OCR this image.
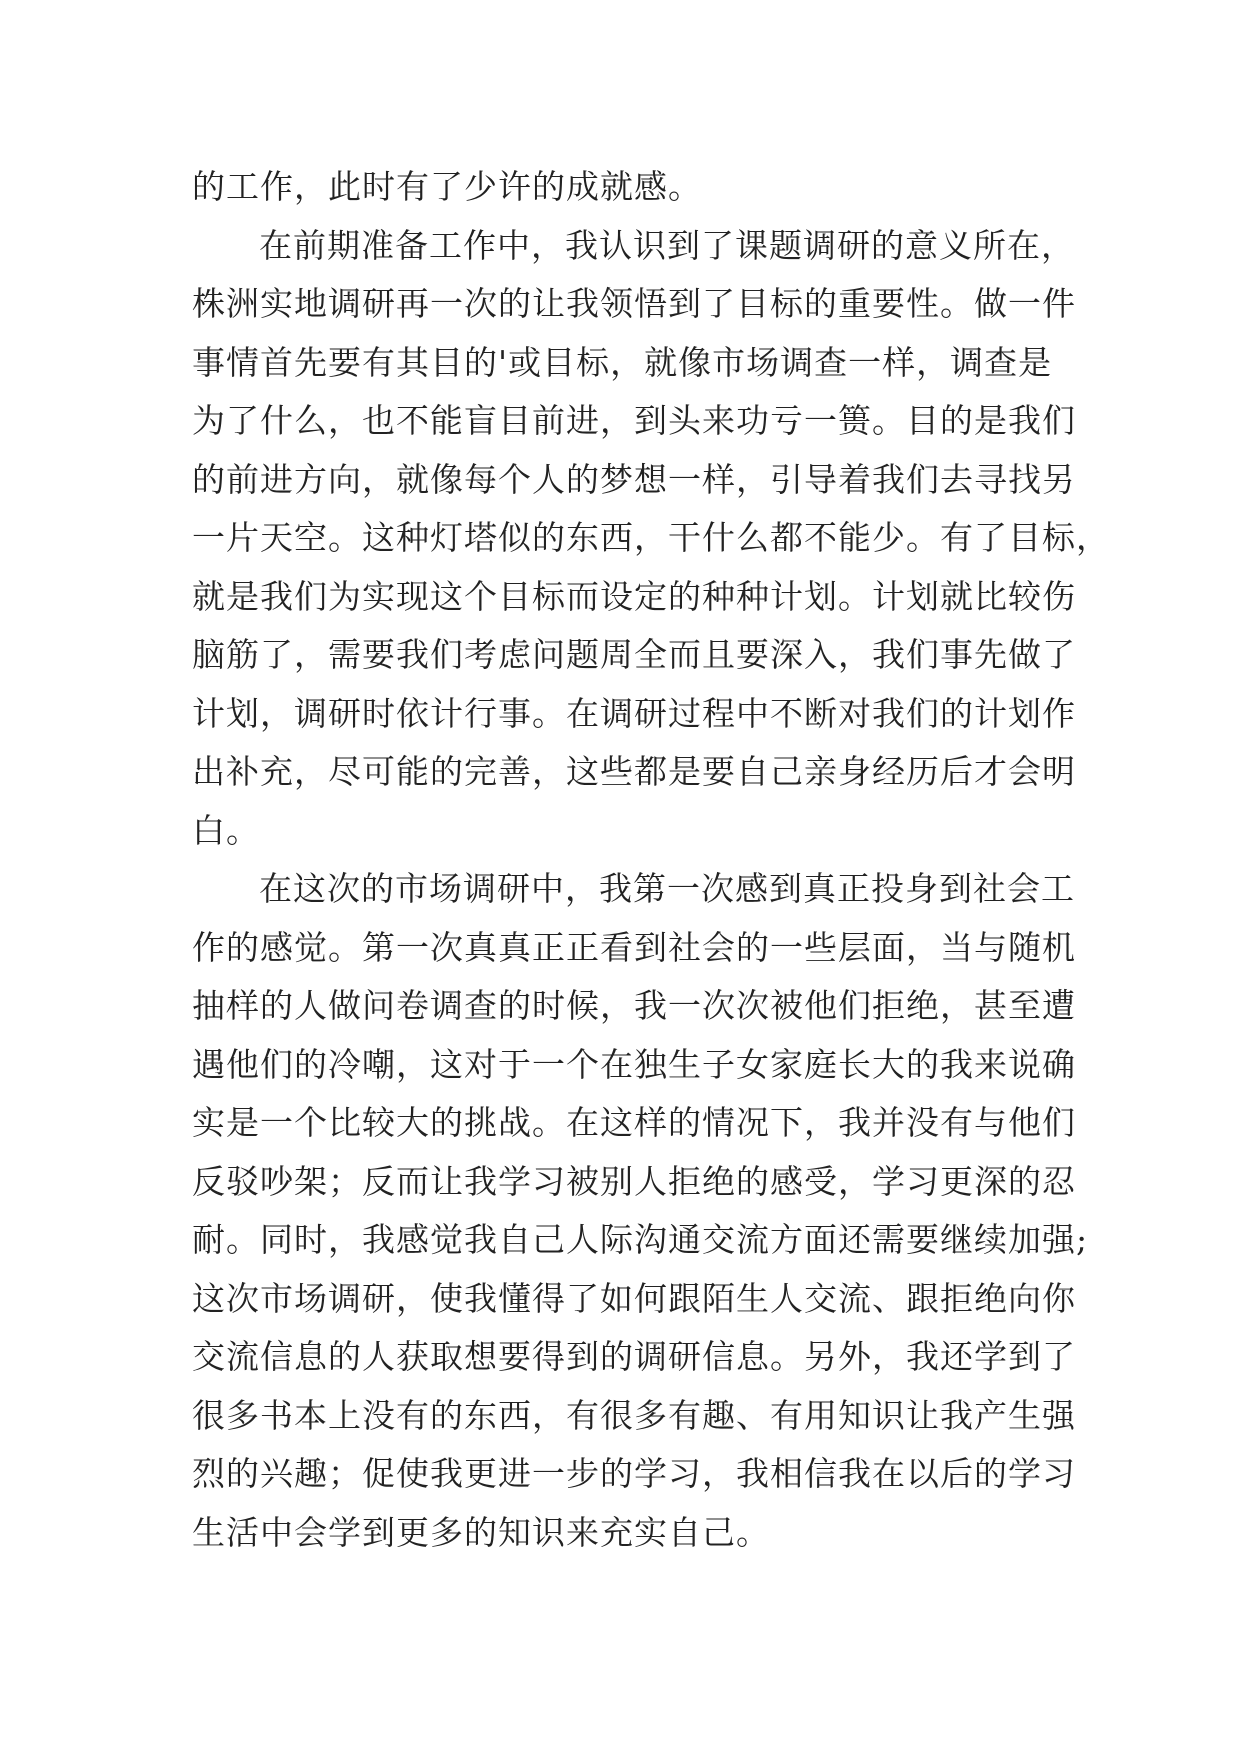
的工作，此时有了少许的成就感。

在前期准备工作中，我认识到了课题调研的意义所在，

株洲实地调研再一次的让我领悟到了目标的重要性。做一件

事情首先要有其目的'或目标，就像市场调查一样，调查是

为了什么，也不能盲目前进，到头来功亏一篑。目的是我们

的前进方向，就像每个人的梦想一样，引导着我们去寻找另

一片天空。这种灯塔似的东西，干什么都不能少。有了目标，

就是我们为实现这个目标而设定的种种计划。计划就比较伤

脑筋了，需要我们考虑问题周全而且要深入，我们事先做了

计划，调研时依计行事。在调研过程中不断对我们的计划作

出补充，尽可能的完善，这些都是要自己亲身经历后才会明

白。

在这次的市场调研中，我第一次感到真正投身到社会工

作的感觉。第一次真真正正看到社会的一些层面，当与随机

抽样的人做问卷调查的时候，我一次次被他们拒绝，甚至遭

遇他们的冷嘲，这对于一个在独生子女家庭长大的我来说确

实是一个比较大的挑战。在这样的情况下，我并没有与他们

反驳吵架；反而让我学习被别人拒绝的感受，学习更深的忍

耐。同时，我感觉我自己人际沟通交流方面还需要继续加强;

这次市场调研，使我懂得了如何跟陌生人交流、跟拒绝向你

交流信息的人获取想要得到的调研信息。另外，我还学到了

很多书本上没有的东西，有很多有趣、有用知识让我产生强

烈的兴趣；促使我更进一步的学习，我相信我在以后的学习

生活中会学到更多的知识来充实自己。
